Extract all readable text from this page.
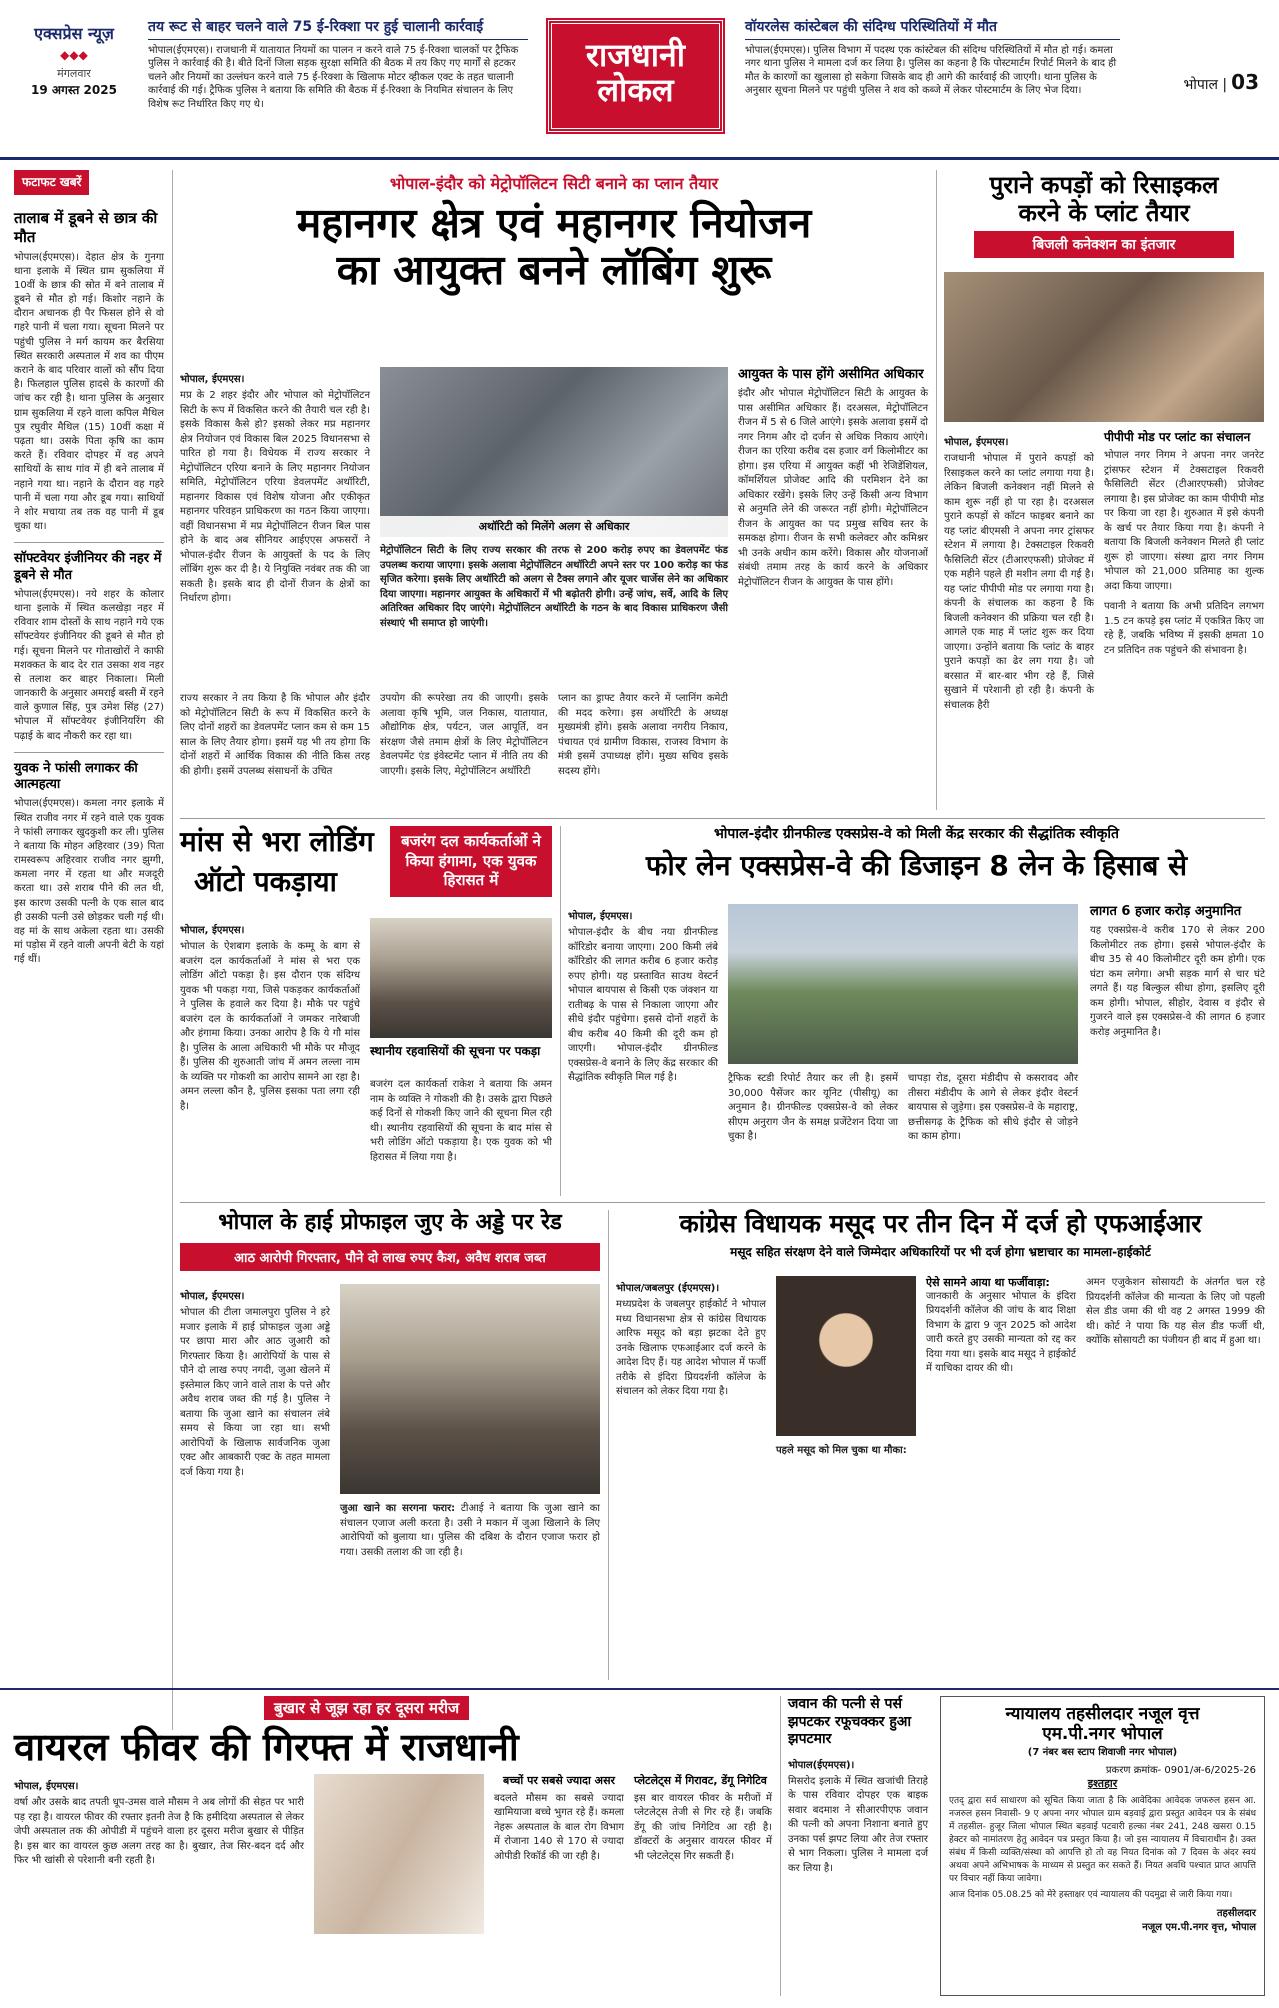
एक्सप्रेस न्यूज़
◆◆◆
मंगलवार
19 अगस्त 2025
तय रूट से बाहर चलने वाले 75 ई-रिक्शा पर हुई चालानी कार्रवाई

भोपाल(ईएमएस)। राजधानी में यातायात नियमों का पालन न करने वाले 75 ई-रिक्शा चालकों पर ट्रैफिक पुलिस ने कार्रवाई की है। बीते दिनों जिला सड़क सुरक्षा समिति की बैठक में तय किए गए मार्गों से हटकर चलने और नियमों का उल्लंघन करने वाले 75 ई-रिक्शा के खिलाफ मोटर व्हीकल एक्ट के तहत चालानी कार्रवाई की गई। ट्रैफिक पुलिस ने बताया कि समिति की बैठक में ई-रिक्शा के नियमित संचालन के लिए विशेष रूट निर्धारित किए गए थे।

राजधानी
लोकल
वॉयरलेस कांस्टेबल की संदिग्ध परिस्थितियों में मौत

भोपाल(ईएमएस)। पुलिस विभाग में पदस्थ एक कांस्टेबल की संदिग्ध परिस्थितियों में मौत हो गई। कमला नगर थाना पुलिस ने मामला दर्ज कर लिया है। पुलिस का कहना है कि पोस्टमार्टम रिपोर्ट मिलने के बाद ही मौत के कारणों का खुलासा हो सकेगा जिसके बाद ही आगे की कार्रवाई की जाएगी। थाना पुलिस के अनुसार सूचना मिलने पर पहुंची पुलिस ने शव को कब्जे में लेकर पोस्टमार्टम के लिए भेज दिया।	भोपाल | 03
फटाफट खबरें
तालाब में डूबने से छात्र की मौत
भोपाल(ईएमएस)। देहात क्षेत्र के गुनगा थाना इलाके में स्थित ग्राम सुकलिया में 10वीं के छात्र की स्रोत में बने तालाब में डूबने से मौत हो गई। किशोर नहाने के दौरान अचानक ही पैर फिसल होने से वो गहरे पानी में चला गया। सूचना मिलने पर पहुंची पुलिस ने मर्ग कायम कर बैरसिया स्थित सरकारी अस्पताल में शव का पीएम कराने के बाद परिवार वालों को सौंप दिया है। फिलहाल पुलिस हादसे के कारणों की जांच कर रही है। थाना पुलिस के अनुसार ग्राम सुकलिया में रहने वाला कपिल मैथिल पुत्र रघुवीर मैथिल (15) 10वीं कक्षा में पढ़ता था। उसके पिता कृषि का काम करते हैं। रविवार दोपहर में वह अपने साथियों के साथ गांव में ही बने तालाब में नहाने गया था। नहाने के दौरान वह गहरे पानी में चला गया और डूब गया। साथियों ने शोर मचाया तब तक वह पानी में डूब चुका था।
सॉफ्टवेयर इंजीनियर की नहर में डूबने से मौत
भोपाल(ईएमएस)। नये शहर के कोलार थाना इलाके में स्थित कलखेड़ा नहर में रविवार शाम दोस्तों के साथ नहाने गये एक सॉफ्टवेयर इंजीनियर की डूबने से मौत हो गई। सूचना मिलने पर गोताखोरों ने काफी मशक्कत के बाद देर रात उसका शव नहर से तलाश कर बाहर निकाला। मिली जानकारी के अनुसार अमराई बस्ती में रहने वाले कुणाल सिंह, पुत्र उमेश सिंह (27) भोपाल में सॉफ्टवेयर इंजीनियरिंग की पढ़ाई के बाद नौकरी कर रहा था।
युवक ने फांसी लगाकर की आत्महत्या
भोपाल(ईएमएस)। कमला नगर इलाके में स्थित राजीव नगर में रहने वाले एक युवक ने फांसी लगाकर खुदकुशी कर ली। पुलिस ने बताया कि मोहन अहिरवार (39) पिता रामस्वरूप अहिरवार राजीव नगर झुग्गी, कमला नगर में रहता था और मजदूरी करता था। उसे शराब पीने की लत थी, इस कारण उसकी पत्नी के एक साल बाद ही उसकी पत्नी उसे छोड़कर चली गई थी। वह मां के साथ अकेला रहता था। उसकी मां पड़ोस में रहने वाली अपनी बेटी के यहां गई थीं।
भोपाल-इंदौर को मेट्रोपॉलिटन सिटी बनाने का प्लान तैयार
महानगर क्षेत्र एवं महानगर नियोजन
का आयुक्त बनने लॉबिंग शुरू
भोपाल, ईएमएस।
मप्र के 2 शहर इंदौर और भोपाल को मेट्रोपॉलिटन सिटी के रूप में विकसित करने की तैयारी चल रही है। इसके विकास कैसे हो? इसको लेकर मप्र महानगर क्षेत्र नियोजन एवं विकास बिल 2025 विधानसभा से पारित हो गया है। विधेयक में राज्य सरकार ने मेट्रोपॉलिटन एरिया बनाने के लिए महानगर नियोजन समिति, मेट्रोपॉलिटन एरिया डेवलपमेंट अथॉरिटी, महानगर विकास एवं विशेष योजना और एकीकृत महानगर परिवहन प्राधिकरण का गठन किया जाएगा। वहीं विधानसभा में मप्र मेट्रोपॉलिटन रीजन बिल पास होने के बाद अब सीनियर आईएएस अफसरों ने भोपाल-इंदौर रीजन के आयुक्तों के पद के लिए लॉबिंग शुरू कर दी है। ये नियुक्ति नवंबर तक की जा सकती है। इसके बाद ही दोनों रीजन के क्षेत्रों का निर्धारण होगा।
राज्य सरकार ने तय किया है कि भोपाल और इंदौर को मेट्रोपॉलिटन सिटी के रूप में विकसित करने के लिए दोनों शहरों का डेवलपमेंट प्लान कम से कम 15 साल के लिए तैयार होगा। इसमें यह भी तय होगा कि दोनों शहरों में आर्थिक विकास की नीति किस तरह की होगी। इसमें उपलब्ध संसाधनों के उचित
अथॉरिटी को मिलेंगे अलग से अधिकार
मेट्रोपॉलिटन सिटी के लिए राज्य सरकार की तरफ से 200 करोड़ रुपए का डेवलपमेंट फंड उपलब्ध कराया जाएगा। इसके अलावा मेट्रोपॉलिटन अथॉरिटी अपने स्तर पर 100 करोड़ का फंड सृजित करेगा। इसके लिए अथॉरिटी को अलग से टैक्स लगाने और यूजर चार्जेस लेने का अधिकार दिया जाएगा। महानगर आयुक्त के अधिकारों में भी बढ़ोतरी होगी। उन्हें जांच, सर्वे, आदि के लिए अतिरिक्त अधिकार दिए जाएंगे। मेट्रोपॉलिटन अथॉरिटी के गठन के बाद विकास प्राधिकरण जैसी संस्थाएं भी समाप्त हो जाएंगी।
उपयोग की रूपरेखा तय की जाएगी। इसके अलावा कृषि भूमि, जल निकास, यातायात, औद्योगिक क्षेत्र, पर्यटन, जल आपूर्ति, वन संरक्षण जैसे तमाम क्षेत्रों के लिए मेट्रोपॉलिटन डेवलपमेंट एंड इंवेस्टमेंट प्लान में नीति तय की जाएगी। इसके लिए, मेट्रोपॉलिटन अथॉरिटी
प्लान का ड्राफ्ट तैयार करने में प्लानिंग कमेटी की मदद करेगा। इस अथॉरिटी के अध्यक्ष मुख्यमंत्री होंगे। इसके अलावा नगरीय निकाय, पंचायत एवं ग्रामीण विकास, राजस्व विभाग के मंत्री इसमें उपाध्यक्ष होंगे। मुख्य सचिव इसके सदस्य होंगे।
आयुक्त के पास होंगे असीमित अधिकार
इंदौर और भोपाल मेट्रोपॉलिटन सिटी के आयुक्त के पास असीमित अधिकार हैं। दरअसल, मेट्रोपॉलिटन रीजन में 5 से 6 जिले आएंगे। इसके अलावा इसमें दो नगर निगम और दो दर्जन से अधिक निकाय आएंगे। रीजन का एरिया करीब दस हजार वर्ग किलोमीटर का होगा। इस एरिया में आयुक्त कहीं भी रेजिडेंशियल, कॉमर्शियल प्रोजेक्ट आदि की परमिशन देने का अधिकार रखेंगे। इसके लिए उन्हें किसी अन्य विभाग से अनुमति लेने की जरूरत नहीं होगी। मेट्रोपॉलिटन रीजन के आयुक्त का पद प्रमुख सचिव स्तर के समकक्ष होगा। रीजन के सभी कलेक्टर और कमिश्नर भी उनके अधीन काम करेंगे। विकास और योजनाओं संबंधी तमाम तरह के कार्य करने के अधिकार मेट्रोपॉलिटन रीजन के आयुक्त के पास होंगे।
पुराने कपड़ों को रिसाइकल
करने के प्लांट तैयार
बिजली कनेक्शन का इंतजार
भोपाल, ईएमएस।
राजधानी भोपाल में पुराने कपड़ों को रिसाइकल करने का प्लांट लगाया गया है। लेकिन बिजली कनेक्शन नहीं मिलने से काम शुरू नहीं हो पा रहा है। दरअसल पुराने कपड़ों से कॉटन फाइबर बनाने का यह प्लांट बीएमसी ने अपना नगर ट्रांसफर स्टेशन में लगाया है। टेक्सटाइल रिकवरी फैसिलिटी सेंटर (टीआरएफसी) प्रोजेक्ट में एक महीने पहले ही मशीन लगा दी गई है। यह प्लांट पीपीपी मोड पर लगाया गया है। कंपनी के संचालक का कहना है कि बिजली कनेक्शन की प्रक्रिया चल रही है। आगले एक माह में प्लांट शुरू कर दिया जाएगा। उन्होंने बताया कि प्लांट के बाहर पुराने कपड़ों का ढेर लग गया है। जो बरसात में बार-बार भीग रहे हैं, जिसे सुखाने में परेशानी हो रही है। कंपनी के संचालक हैरी
पीपीपी मोड पर प्लांट का संचालन
भोपाल नगर निगम ने अपना नगर जनरेट ट्रांसफर स्टेशन में टेक्सटाइल रिकवरी फैसिलिटी सेंटर (टीआरएफसी) प्रोजेक्ट लगाया है। इस प्रोजेक्ट का काम पीपीपी मोड पर किया जा रहा है। शुरुआत में इसे कंपनी के खर्च पर तैयार किया गया है। कंपनी ने बताया कि बिजली कनेक्शन मिलते ही प्लांट शुरू हो जाएगा। संस्था द्वारा नगर निगम भोपाल को 21,000 प्रतिमाह का शुल्क अदा किया जाएगा।
पवानी ने बताया कि अभी प्रतिदिन लगभग 1.5 टन कपड़े इस प्लांट में एकत्रित किए जा रहे हैं, जबकि भविष्य में इसकी क्षमता 10 टन प्रतिदिन तक पहुंचने की संभावना है।
मांस से भरा लोडिंग
ऑटो पकड़ाया
बजरंग दल कार्यकर्ताओं ने किया हंगामा, एक युवक हिरासत में
भोपाल, ईएमएस।
भोपाल के ऐशबाग इलाके के कम्मू के बाग से बजरंग दल कार्यकर्ताओं ने मांस से भरा एक लोडिंग ऑटो पकड़ा है। इस दौरान एक संदिग्ध युवक भी पकड़ा गया, जिसे पकड़कर कार्यकर्ताओं ने पुलिस के हवाले कर दिया है। मौके पर पहुंचे बजरंग दल के कार्यकर्ताओं ने जमकर नारेबाजी और हंगामा किया। उनका आरोप है कि ये गौ मांस है। पुलिस के आला अधिकारी भी मौके पर मौजूद हैं। पुलिस की शुरुआती जांच में अमन लल्ला नाम के व्यक्ति पर गोकशी का आरोप सामने आ रहा है। अमन लल्ला कौन है, पुलिस इसका पता लगा रही है।
स्थानीय रहवासियों की सूचना पर पकड़ा
बजरंग दल कार्यकर्ता राकेश ने बताया कि अमन नाम के व्यक्ति ने गोकशी की है। उसके द्वारा पिछले कई दिनों से गोकशी किए जाने की सूचना मिल रही थी। स्थानीय रहवासियों की सूचना के बाद मांस से भरी लोडिंग ऑटो पकड़ाया है। एक युवक को भी हिरासत में लिया गया है।
भोपाल-इंदौर ग्रीनफील्ड एक्सप्रेस-वे को मिली केंद्र सरकार की सैद्धांतिक स्वीकृति
फोर लेन एक्सप्रेस-वे की डिजाइन 8 लेन के हिसाब से
भोपाल, ईएमएस।
भोपाल-इंदौर के बीच नया ग्रीनफील्ड कॉरिडोर बनाया जाएगा। 200 किमी लंबे कॉरिडोर की लागत करीब 6 हजार करोड़ रुपए होगी। यह प्रस्तावित साउथ वेस्टर्न भोपाल बायपास से किसी एक जंक्शन या रातीबढ़ के पास से निकाला जाएगा और सीधे इंदौर पहुंचेगा। इससे दोनों शहरों के बीच करीब 40 किमी की दूरी कम हो जाएगी। भोपाल-इंदौर ग्रीनफील्ड एक्सप्रेस-वे बनाने के लिए केंद्र सरकार की सैद्धांतिक स्वीकृति मिल गई है।	ट्रैफिक स्टडी रिपोर्ट तैयार कर ली है। इसमें 30,000 पैसेंजर कार यूनिट (पीसीयू) का अनुमान है। ग्रीनफील्ड एक्सप्रेस-वे को लेकर सीएम अनुराग जैन के समक्ष प्रजेंटेशन दिया जा चुका है।
चापड़ा रोड, दूसरा मंडीदीप से कसरावद और तीसरा मंडीदीप के आगे से लेकर इंदौर वेस्टर्न बायपास से जुड़ेगा। इस एक्सप्रेस-वे के महाराष्ट्र, छत्तीसगढ़ के ट्रैफिक को सीधे इंदौर से जोड़ने का काम होगा।
लागत 6 हजार करोड़ अनुमानित
यह एक्सप्रेस-वे करीब 170 से लेकर 200 किलोमीटर तक होगा। इससे भोपाल-इंदौर के बीच 35 से 40 किलोमीटर दूरी कम होगी। एक घंटा कम लगेगा। अभी सड़क मार्ग से चार घंटे लगते हैं। यह बिल्कुल सीधा होगा, इसलिए दूरी कम होगी। भोपाल, सीहोर, देवास व इंदौर से गुजरने वाले इस एक्सप्रेस-वे की लागत 6 हजार करोड़ अनुमानित है।
भोपाल के हाई प्रोफाइल जुए के अड्डे पर रेड
आठ आरोपी गिरफ्तार, पौने दो लाख रुपए कैश, अवैध शराब जब्त
भोपाल, ईएमएस।
भोपाल की टीला जमालपुरा पुलिस ने हरे मजार इलाके में हाई प्रोफाइल जुआ अड्डे पर छापा मारा और आठ जुआरी को गिरफ्तार किया है। आरोपियों के पास से पौने दो लाख रुपए नगदी, जुआ खेलने में इस्तेमाल किए जाने वाले ताश के पत्ते और अवैध शराब जब्त की गई है। पुलिस ने बताया कि जुआ खाने का संचालन लंबे समय से किया जा रहा था। सभी आरोपियों के खिलाफ सार्वजनिक जुआ एक्ट और आबकारी एक्ट के तहत मामला दर्ज किया गया है।
जुआ खाने का सरगना फरार: टीआई ने बताया कि जुआ खाने का संचालन एजाज अली करता है। उसी ने मकान में जुआ खिलाने के लिए आरोपियों को बुलाया था। पुलिस की दबिश के दौरान एजाज फरार हो गया। उसकी तलाश की जा रही है।
कांग्रेस विधायक मसूद पर तीन दिन में दर्ज हो एफआईआर
मसूद सहित संरक्षण देने वाले जिम्मेदार अधिकारियों पर भी दर्ज होगा भ्रष्टाचार का मामला-हाईकोर्ट
भोपाल/जबलपुर (ईएमएस)।
मध्यप्रदेश के जबलपुर हाईकोर्ट ने भोपाल मध्य विधानसभा क्षेत्र से कांग्रेस विधायक आरिफ मसूद को बड़ा झटका देते हुए उनके खिलाफ एफआईआर दर्ज करने के आदेश दिए हैं। यह आदेश भोपाल में फर्जी तरीके से इंदिरा प्रियदर्शनी कॉलेज के संचालन को लेकर दिया गया है।
पहले मसूद को मिल चुका था मौका:
ऐसे सामने आया था फर्जीवाड़ा:
जानकारी के अनुसार भोपाल के इंदिरा प्रियदर्शनी कॉलेज की जांच के बाद शिक्षा विभाग के द्वारा 9 जून 2025 को आदेश जारी करते हुए उसकी मान्यता को रद्द कर दिया गया था। इसके बाद मसूद ने हाईकोर्ट में याचिका दायर की थी।
अमन एजुकेशन सोसायटी के अंतर्गत चल रहे प्रियदर्शनी कॉलेज की मान्यता के लिए जो पहली सेल डीड जमा की थी वह 2 अगस्त 1999 की थी। कोर्ट ने पाया कि यह सेल डीड फर्जी थी, क्योंकि सोसायटी का पंजीयन ही बाद में हुआ था।
बुखार से जूझ रहा हर दूसरा मरीज
वायरल फीवर की गिरफ्त में राजधानी
भोपाल, ईएमएस।
वर्षा और उसके बाद तपती धूप-उमस वाले मौसम ने अब लोगों की सेहत पर भारी पड़ रहा है। वायरल फीवर की रफ्तार इतनी तेज है कि हमीदिया अस्पताल से लेकर जेपी अस्पताल तक की ओपीडी में पहुंचने वाला हर दूसरा मरीज बुखार से पीड़ित है। इस बार का वायरल कुछ अलग तरह का है। बुखार, तेज सिर-बदन दर्द और फिर भी खांसी से परेशानी बनी रहती है।
बच्चों पर सबसे ज्यादा असर
बदलते मौसम का सबसे ज्यादा खामियाजा बच्चे भुगत रहे हैं। कमला नेहरू अस्पताल के बाल रोग विभाग में रोजाना 140 से 170 से ज्यादा ओपीडी रिकॉर्ड की जा रही है।
प्लेटलेट्स में गिरावट, डेंगू निगेटिव
इस बार वायरल फीवर के मरीजों में प्लेटलेट्स तेजी से गिर रहे हैं। जबकि डेंगू की जांच निगेटिव आ रही है। डॉक्टरों के अनुसार वायरल फीवर में भी प्लेटलेट्स गिर सकती हैं।
जवान की पत्नी से पर्स झपटकर रफूचक्कर हुआ झपटमार
भोपाल(ईएमएस)।
मिसरोद इलाके में स्थित खजांची तिराहे के पास रविवार दोपहर एक बाइक सवार बदमाश ने सीआरपीएफ जवान की पत्नी को अपना निशाना बनाते हुए उनका पर्स झपट लिया और तेज रफ्तार से भाग निकला। पुलिस ने मामला दर्ज कर लिया है।
न्यायालय तहसीलदार नजूल वृत्त
एम.पी.नगर भोपाल
(7 नंबर बस स्टाप शिवाजी नगर भोपाल)
प्रकरण क्रमांक- 0901/अ-6/2025-26
इश्तहार
एतद् द्वारा सर्व साधारण को सूचित किया जाता है कि आवेदिका आवेदक जफरुल हसन आ. नजरुल हसन निवासी- 9 ए अपना नगर भोपाल ग्राम बड़वाई द्वारा प्रस्तुत आवेदन पत्र के संबंध में तहसील- हुजूर जिला भोपाल स्थित बड़वाई पटवारी हल्का नंबर 241, 248 खसरा 0.15 हेक्टर को नामांतरण हेतु आवेदन पत्र प्रस्तुत किया है। जो इस न्यायालय में विचाराधीन है। उक्त संबंध में किसी व्यक्ति/संस्था को आपत्ति हो तो वह नियत दिनांक को 7 दिवस के अंदर स्वयं अथवा अपने अभिभाषक के माध्यम से प्रस्तुत कर सकते हैं। नियत अवधि पश्चात प्राप्त आपत्ति पर विचार नहीं किया जावेगा।
आज दिनांक 05.08.25 को मेरे हस्ताक्षर एवं न्यायालय की पदमुद्रा से जारी किया गया।
तहसीलदार
नजूल एम.पी.नगर वृत्त, भोपाल
